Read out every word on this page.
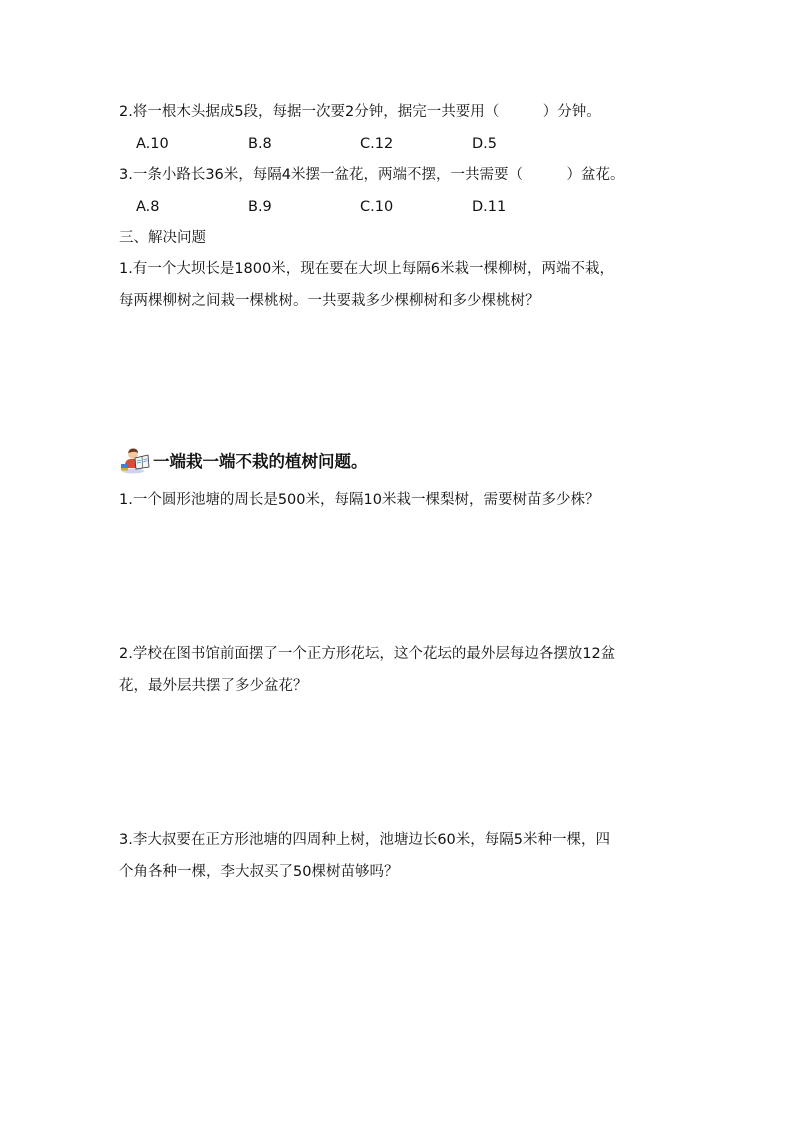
2.将一根木头据成5段，每据一次要2分钟，据完一共要用（　　　）分钟。
A.10	B.8	C.12	D.5
3.一条小路长36米，每隔4米摆一盆花，两端不摆，一共需要（　　　）盆花。
A.8	B.9	C.10	D.11
三、解决问题
1.有一个大坝长是1800米，现在要在大坝上每隔6米栽一棵柳树，两端不栽，
每两棵柳树之间栽一棵桃树。一共要栽多少棵柳树和多少棵桃树？
一端栽一端不栽的植树问题。
1.一个圆形池塘的周长是500米，每隔10米栽一棵梨树，需要树苗多少株？
2.学校在图书馆前面摆了一个正方形花坛，这个花坛的最外层每边各摆放12盆
花，最外层共摆了多少盆花？
3.李大叔要在正方形池塘的四周种上树，池塘边长60米，每隔5米种一棵，四
个角各种一棵，李大叔买了50棵树苗够吗？
